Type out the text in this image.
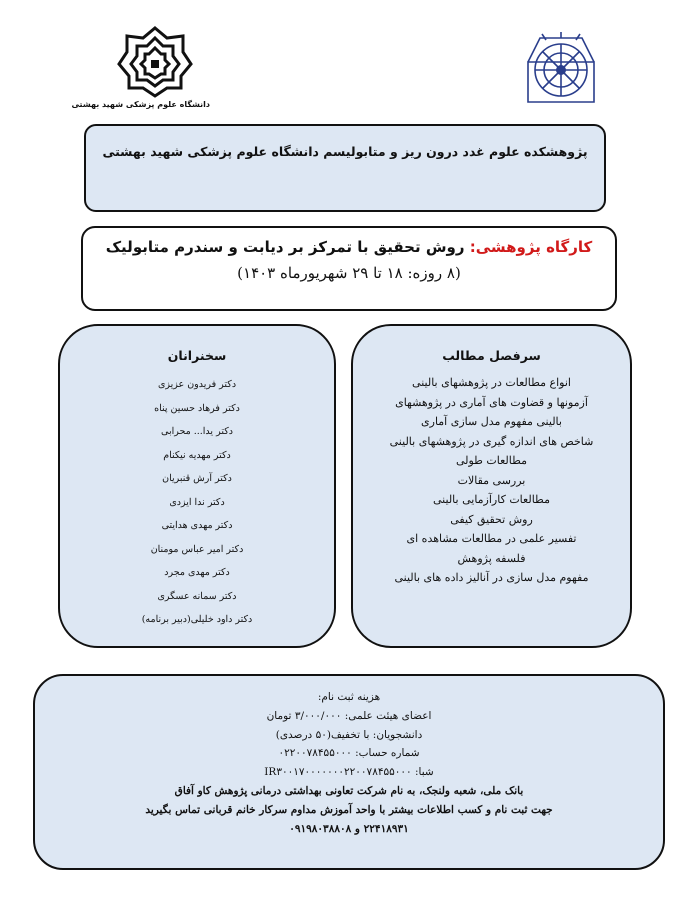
دانشگاه علوم پزشکی شهید بهشتی
پژوهشکده علوم غدد درون ریز و متابولیسم دانشگاه علوم پزشکی شهید بهشتی
کارگاه پژوهشی: روش تحقیق با تمرکز بر دیابت و سندرم متابولیک
(۸ روزه: ۱۸ تا ۲۹ شهریورماه ۱۴۰۳)
سخنرانان
دکتر فریدون عزیزی
دکتر فرهاد حسین پناه
دکتر یدا... محرابی
دکتر مهدیه نیکنام
دکتر آرش قنبریان
دکتر ندا ایزدی
دکتر مهدی هدایتی
دکتر امیر عباس مومنان
دکتر مهدی مجرد
دکتر سمانه عسگری
دکتر داود خلیلی(دبیر برنامه)
سرفصل مطالب
انواع مطالعات در پژوهشهای بالینی
آزمونها و قضاوت های آماری در پژوهشهای
بالینی مفهوم مدل سازی آماری
شاخص های اندازه گیری در پژوهشهای بالینی
مطالعات طولی
بررسی مقالات
مطالعات کارآزمایی بالینی
روش تحقیق کیفی
تفسیر علمی در مطالعات مشاهده ای
فلسفه پژوهش
مفهوم مدل سازی در آنالیز داده های بالینی
هزینه ثبت نام:
اعضای هیئت علمی: ۳/۰۰۰/۰۰۰ تومان
دانشجویان: با تخفیف(۵۰ درصدی)
شماره حساب: ۰۲۲۰۰۷۸۴۵۵۰۰۰
شبا: IR۳۰۰۱۷۰۰۰۰۰۰۰۲۲۰۰۷۸۴۵۵۰۰۰
بانک ملی، شعبه ولنجک، به نام شرکت تعاونی بهداشتی درمانی پژوهش کاو آفاق
جهت ثبت نام و کسب اطلاعات بیشتر با واحد آموزش مداوم سرکار خانم قربانی تماس بگیرید
۲۲۴۱۸۹۳۱ و ۰۹۱۹۸۰۳۸۸۰۸
